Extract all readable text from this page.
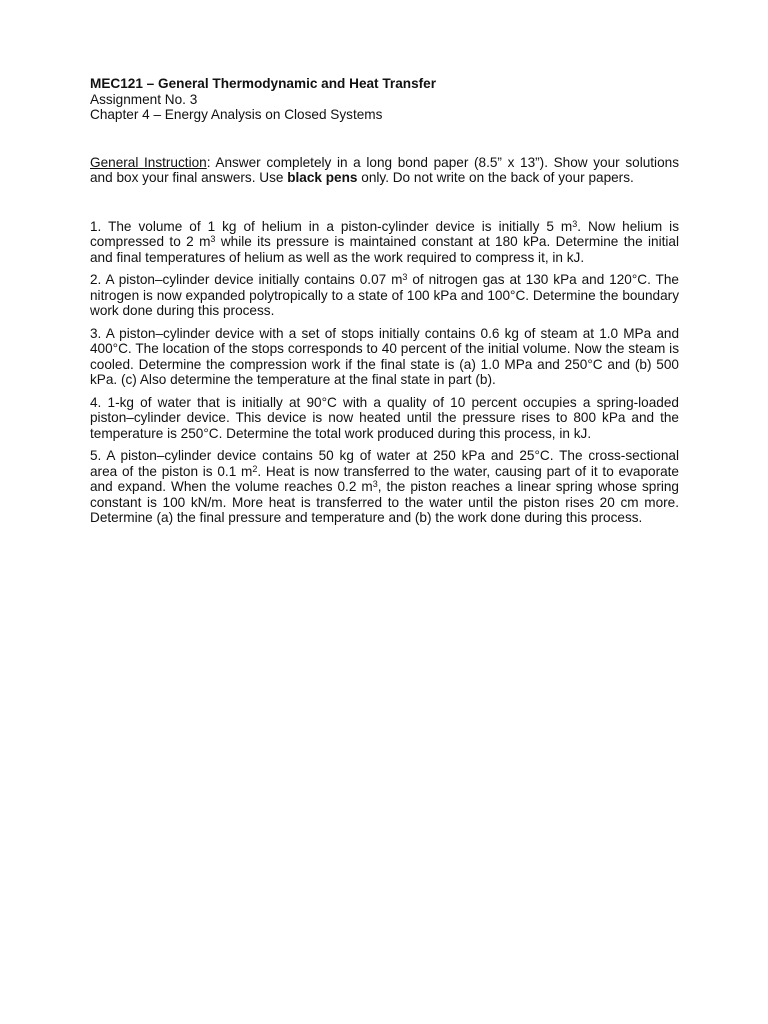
MEC121 – General Thermodynamic and Heat Transfer

Assignment No. 3

Chapter 4 – Energy Analysis on Closed Systems

General Instruction: Answer completely in a long bond paper (8.5” x 13”). Show your solutions and box your final answers. Use black pens only. Do not write on the back of your papers.

1. The volume of 1 kg of helium in a piston-cylinder device is initially 5 $m^3$. Now helium is compressed to 2 $m^3$ while its pressure is maintained constant at 180 kPa. Determine the initial and final temperatures of helium as well as the work required to compress it, in kJ.

2. A piston–cylinder device initially contains 0.07 $m^3$ of nitrogen gas at 130 kPa and 120°C. The nitrogen is now expanded polytropically to a state of 100 kPa and 100°C. Determine the boundary work done during this process.

3. A piston–cylinder device with a set of stops initially contains 0.6 kg of steam at 1.0 MPa and 400°C. The location of the stops corresponds to 40 percent of the initial volume. Now the steam is cooled. Determine the compression work if the final state is (a) 1.0 MPa and 250°C and (b) 500 kPa. (c) Also determine the temperature at the final state in part (b).

4. 1-kg of water that is initially at 90°C with a quality of 10 percent occupies a spring-loaded piston–cylinder device. This device is now heated until the pressure rises to 800 kPa and the temperature is 250°C. Determine the total work produced during this process, in kJ.

5. A piston–cylinder device contains 50 kg of water at 250 kPa and 25°C. The cross-sectional area of the piston is 0.1 $m^2$. Heat is now transferred to the water, causing part of it to evaporate and expand. When the volume reaches 0.2 $m^3$, the piston reaches a linear spring whose spring constant is 100 kN/m. More heat is transferred to the water until the piston rises 20 cm more. Determine (a) the final pressure and temperature and (b) the work done during this process.
